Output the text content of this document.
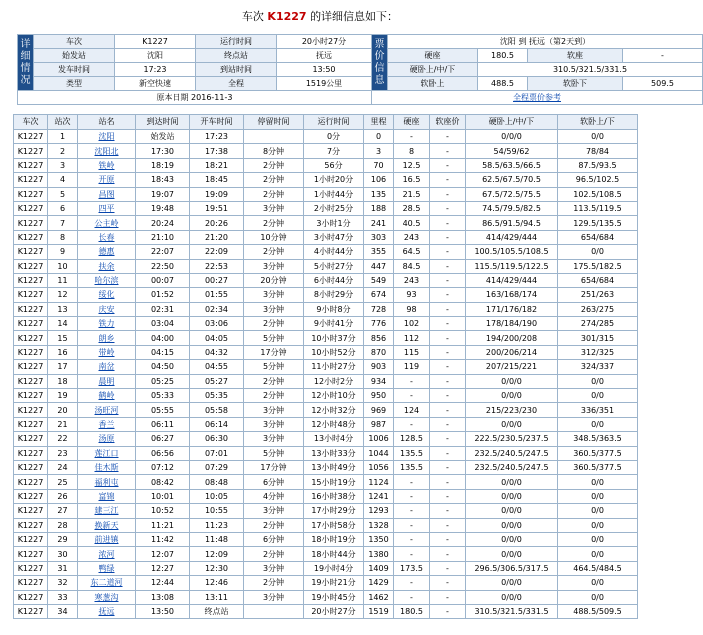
车次 K1227 的详细信息如下：
详细情况	车次	K1227	运行时间	20小时27分	票价信息	沈阳 到 抚远（第2天到）			
	始发站	沈阳	终点站	抚远		硬座	180.5	软座	-
	发车时间	17:23	到站时间	13:50		硬卧上/中/下	310.5/321.5/331.5		
	类型	新空快速	全程	1519公里		软卧上	488.5	软卧下	509.5
原本日期 2016-11-3					全程票价参考				
车次	站次	站名	到达时间	开车时间	停留时间	运行时间	里程	硬座	软座价	硬卧上/中/下	软卧上/下
K1227	1	沈阳	始发站	17:23		0分	0	-	-	0/0/0	0/0
K1227	2	沈阳北	17:30	17:38	8分钟	7分	3	8	-	54/59/62	78/84
K1227	3	铁岭	18:19	18:21	2分钟	56分	70	12.5	-	58.5/63.5/66.5	87.5/93.5
K1227	4	开原	18:43	18:45	2分钟	1小时20分	106	16.5	-	62.5/67.5/70.5	96.5/102.5
K1227	5	昌图	19:07	19:09	2分钟	1小时44分	135	21.5	-	67.5/72.5/75.5	102.5/108.5
K1227	6	四平	19:48	19:51	3分钟	2小时25分	188	28.5	-	74.5/79.5/82.5	113.5/119.5
K1227	7	公主岭	20:24	20:26	2分钟	3小时1分	241	40.5	-	86.5/91.5/94.5	129.5/135.5
K1227	8	长春	21:10	21:20	10分钟	3小时47分	303	243	-	414/429/444	654/684
K1227	9	德惠	22:07	22:09	2分钟	4小时44分	355	64.5	-	100.5/105.5/108.5	0/0
K1227	10	扶余	22:50	22:53	3分钟	5小时27分	447	84.5	-	115.5/119.5/122.5	175.5/182.5
K1227	11	哈尔滨	00:07	00:27	20分钟	6小时44分	549	243	-	414/429/444	654/684
K1227	12	绥化	01:52	01:55	3分钟	8小时29分	674	93	-	163/168/174	251/263
K1227	13	庆安	02:31	02:34	3分钟	9小时8分	728	98	-	171/176/182	263/275
K1227	14	铁力	03:04	03:06	2分钟	9小时41分	776	102	-	178/184/190	274/285
K1227	15	朗乡	04:00	04:05	5分钟	10小时37分	856	112	-	194/200/208	301/315
K1227	16	带岭	04:15	04:32	17分钟	10小时52分	870	115	-	200/206/214	312/325
K1227	17	南岔	04:50	04:55	5分钟	11小时27分	903	119	-	207/215/221	324/337
K1227	18	晨明	05:25	05:27	2分钟	12小时2分	934	-	-	0/0/0	0/0
K1227	19	鹤岭	05:33	05:35	2分钟	12小时10分	950	-	-	0/0/0	0/0
K1227	20	汤旺河	05:55	05:58	3分钟	12小时32分	969	124	-	215/223/230	336/351
K1227	21	香兰	06:11	06:14	3分钟	12小时48分	987	-	-	0/0/0	0/0
K1227	22	汤原	06:27	06:30	3分钟	13小时4分	1006	128.5	-	222.5/230.5/237.5	348.5/363.5
K1227	23	莲江口	06:56	07:01	5分钟	13小时33分	1044	135.5	-	232.5/240.5/247.5	360.5/377.5
K1227	24	佳木斯	07:12	07:29	17分钟	13小时49分	1056	135.5	-	232.5/240.5/247.5	360.5/377.5
K1227	25	福利屯	08:42	08:48	6分钟	15小时19分	1124	-	-	0/0/0	0/0
K1227	26	富锦	10:01	10:05	4分钟	16小时38分	1241	-	-	0/0/0	0/0
K1227	27	建三江	10:52	10:55	3分钟	17小时29分	1293	-	-	0/0/0	0/0
K1227	28	换新天	11:21	11:23	2分钟	17小时58分	1328	-	-	0/0/0	0/0
K1227	29	前进镇	11:42	11:48	6分钟	18小时19分	1350	-	-	0/0/0	0/0
K1227	30	浓河	12:07	12:09	2分钟	18小时44分	1380	-	-	0/0/0	0/0
K1227	31	鸭绿	12:27	12:30	3分钟	19小时4分	1409	173.5	-	296.5/306.5/317.5	464.5/484.5
K1227	32	东二道河	12:44	12:46	2分钟	19小时21分	1429	-	-	0/0/0	0/0
K1227	33	寒葱沟	13:08	13:11	3分钟	19小时45分	1462	-	-	0/0/0	0/0
K1227	34	抚远	13:50	终点站		20小时27分	1519	180.5	-	310.5/321.5/331.5	488.5/509.5
